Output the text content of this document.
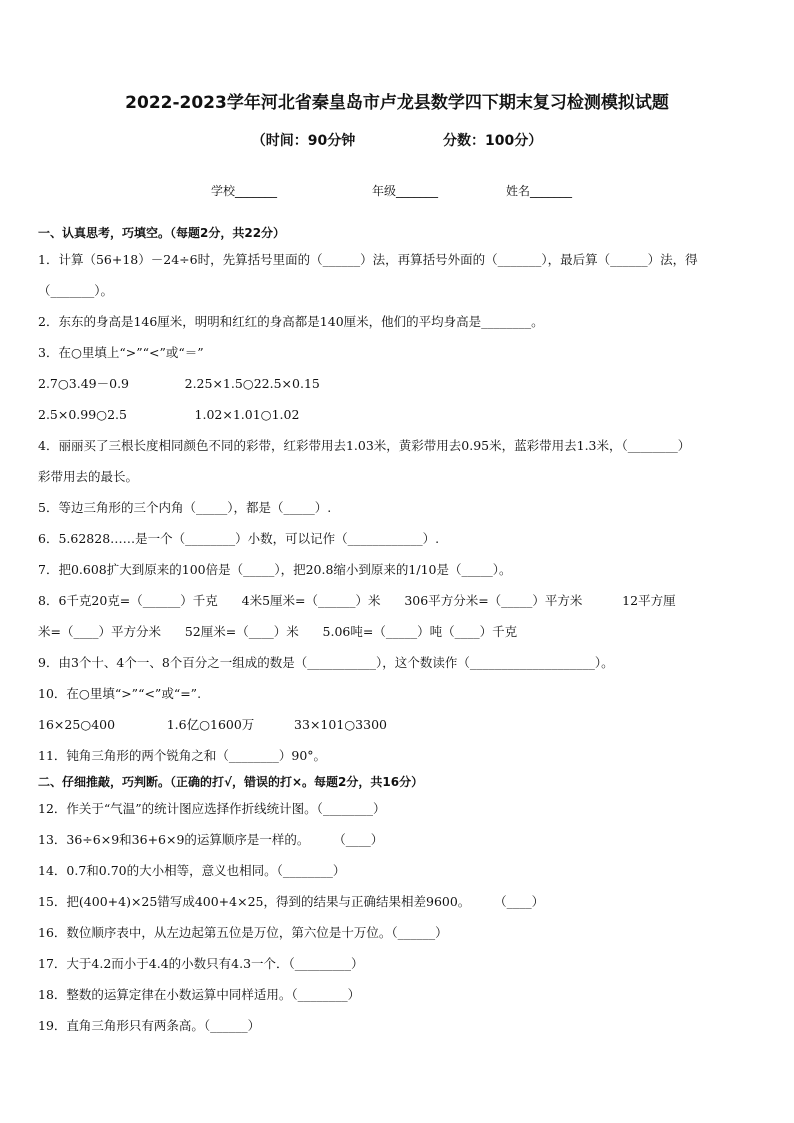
2022-2023学年河北省秦皇岛市卢龙县数学四下期末复习检测模拟试题
（时间：90分钟                  分数：100分）
学校_______	年级_______	姓名_______
一、认真思考，巧填空。（每题2分，共22分）
1．计算（56+18）－24÷6时，先算括号里面的（______）法，再算括号外面的（_______），最后算（______）法，得
（_______）。
2．东东的身高是146厘米，明明和红红的身高都是140厘米，他们的平均身高是________。
3．在○里填上“>”“<”或“＝”
2.7○3.49－0.9              2.25×1.5○22.5×0.15
2.5×0.99○2.5                 1.02×1.01○1.02
4．丽丽买了三根长度相同颜色不同的彩带，红彩带用去1.03米，黄彩带用去0.95米，蓝彩带用去1.3米，（________）
彩带用去的最长。
5．等边三角形的三个内角（_____），都是（_____）.
6．5.62828……是一个（________）小数，可以记作（____________）.
7．把0.608扩大到原来的100倍是（_____），把20.8缩小到原来的1/10是（_____）。
8．6千克20克=（______）千克      4米5厘米=（______）米      306平方分米=（_____）平方米          12平方厘
米=（____）平方分米      52厘米=（____）米      5.06吨=（_____）吨（____）千克
9．由3个十、4个一、8个百分之一组成的数是（___________），这个数读作（____________________）。
10．在○里填“>”“<”或“=”.
16×25○400             1.6亿○1600万          33×101○3300
11．钝角三角形的两个锐角之和（________）90°。
二、仔细推敲，巧判断。（正确的打√，错误的打×。每题2分，共16分）
12．作关于“气温”的统计图应选择作折线统计图。（________）
13．36÷6×9和36+6×9的运算顺序是一样的。      （____）
14．0.7和0.70的大小相等，意义也相同。（________）
15．把(400+4)×25错写成400+4×25，得到的结果与正确结果相差9600。      （____）
16．数位顺序表中，从左边起第五位是万位，第六位是十万位。（______）
17．大于4.2而小于4.4的小数只有4.3一个．（_________）
18．整数的运算定律在小数运算中同样适用。（________）
19．直角三角形只有两条高。（______）
